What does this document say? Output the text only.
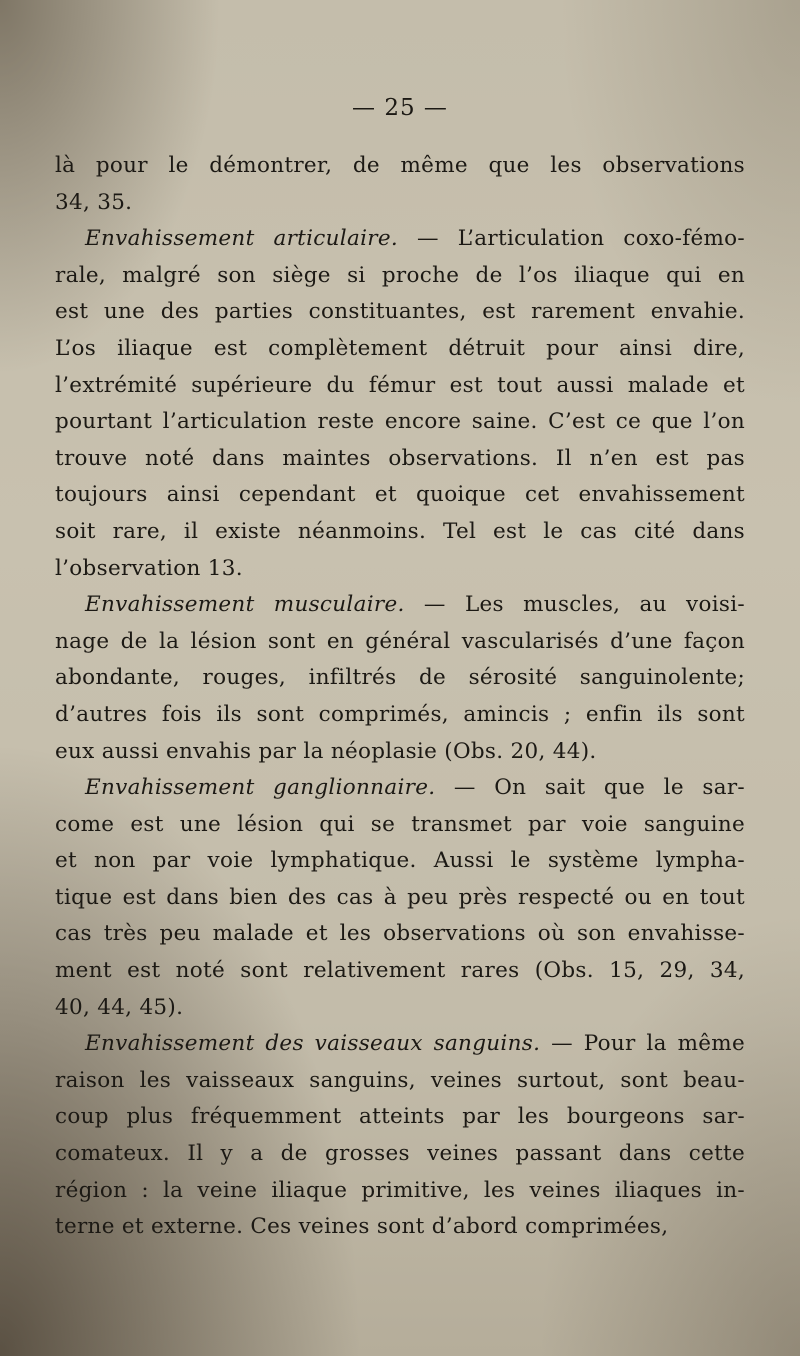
— 25 —

là pour le démontrer, de même que les observations
34, 35.
Envahissement articulaire. — L’articulation coxo-fémo-
rale, malgré son siège si proche de l’os iliaque qui en
est une des parties constituantes, est rarement envahie.
L’os iliaque est complètement détruit pour ainsi dire,
l’extrémité supérieure du fémur est tout aussi malade et
pourtant l’articulation reste encore saine. C’est ce que l’on
trouve noté dans maintes observations. Il n’en est pas
toujours ainsi cependant et quoique cet envahissement
soit rare, il existe néanmoins. Tel est le cas cité dans
l’observation 13.
Envahissement musculaire. — Les muscles, au voisi-
nage de la lésion sont en général vascularisés d’une façon
abondante, rouges, infiltrés de sérosité sanguinolente;
d’autres fois ils sont comprimés, amincis ; enfin ils sont
eux aussi envahis par la néoplasie (Obs. 20, 44).
Envahissement ganglionnaire. — On sait que le sar-
come est une lésion qui se transmet par voie sanguine
et non par voie lymphatique. Aussi le système lympha-
tique est dans bien des cas à peu près respecté ou en tout
cas très peu malade et les observations où son envahisse-
ment est noté sont relativement rares (Obs. 15, 29, 34,
40, 44, 45).
Envahissement des vaisseaux sanguins. — Pour la même
raison les vaisseaux sanguins, veines surtout, sont beau-
coup plus fréquemment atteints par les bourgeons sar-
comateux. Il y a de grosses veines passant dans cette
région : la veine iliaque primitive, les veines iliaques in-
terne et externe. Ces veines sont d’abord comprimées,
